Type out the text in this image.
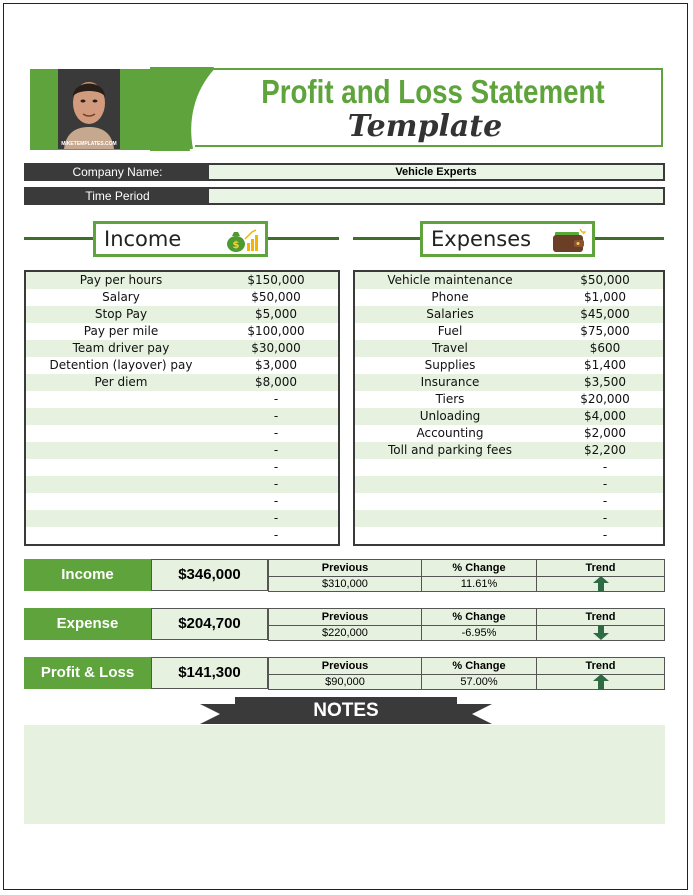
MIKETEMPLATES.COM
Profit and Loss Statement
Template
Company Name:	Vehicle Experts
Time Period
Income	$	Expenses
Pay per hours	$150,000
Salary	$50,000
Stop Pay	$5,000
Pay per mile	$100,000
Team driver pay	$30,000
Detention (layover) pay	$3,000
Per diem	$8,000
-
-
-
-
-
-
-
-
-
Vehicle maintenance	$50,000
Phone	$1,000
Salaries	$45,000
Fuel	$75,000
Travel	$600
Supplies	$1,400
Insurance	$3,500
Tiers	$20,000
Unloading	$4,000
Accounting	$2,000
Toll and parking fees	$2,200
-
-
-
-
-
Income	$346,000	Previous	% Change	Trend
$310,000	11.61%
Expense	$204,700	Previous	% Change	Trend
$220,000	-6.95%
Profit & Loss	$141,300	Previous	% Change	Trend
$90,000	57.00%
NOTES
